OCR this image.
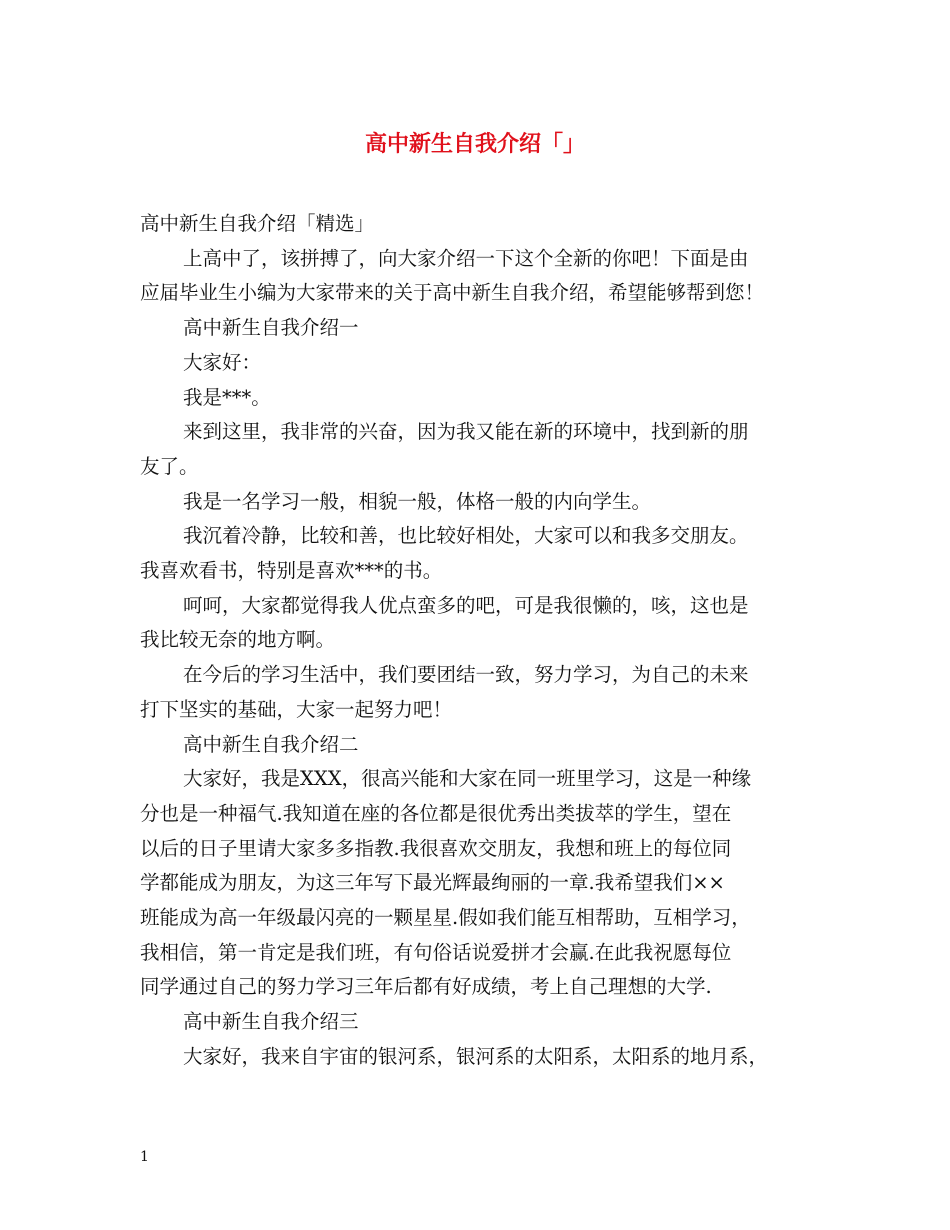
高中新生自我介绍「」

高中新生自我介绍「精选」

上高中了，该拼搏了，向大家介绍一下这个全新的你吧！下面是由

应届毕业生小编为大家带来的关于高中新生自我介绍，希望能够帮到您！

高中新生自我介绍一

大家好：

我是***。

来到这里，我非常的兴奋，因为我又能在新的环境中，找到新的朋

友了。

我是一名学习一般，相貌一般，体格一般的内向学生。

我沉着冷静，比较和善，也比较好相处，大家可以和我多交朋友。

我喜欢看书，特别是喜欢***的书。

呵呵，大家都觉得我人优点蛮多的吧，可是我很懒的，咳，这也是

我比较无奈的地方啊。

在今后的学习生活中，我们要团结一致，努力学习，为自己的未来

打下坚实的基础，大家一起努力吧！

高中新生自我介绍二

大家好，我是XXX，很高兴能和大家在同一班里学习，这是一种缘

分也是一种福气.我知道在座的各位都是很优秀出类拔萃的学生，望在

以后的日子里请大家多多指教.我很喜欢交朋友，我想和班上的每位同

学都能成为朋友，为这三年写下最光辉最绚丽的一章.我希望我们××

班能成为高一年级最闪亮的一颗星星.假如我们能互相帮助，互相学习，

我相信，第一肯定是我们班，有句俗话说爱拼才会赢.在此我祝愿每位

同学通过自己的努力学习三年后都有好成绩，考上自己理想的大学.

高中新生自我介绍三

大家好，我来自宇宙的银河系，银河系的太阳系，太阳系的地月系，

1
